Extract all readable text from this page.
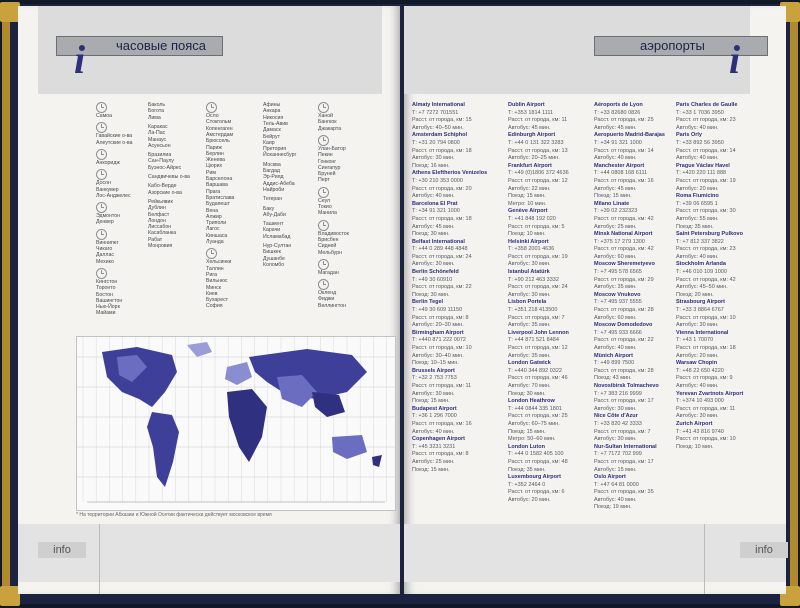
часовые пояса
i
Самоа
Гавайские о-ва
Алеутские о-ва
Анкоридж
Досон
Ванкувер
Лос-Анджелес
Эдмонтон
Денвер
Виннипег
Чикаго
Даллас
Мехико
Кингстон
Торонто
Бостон
Вашингтон
Нью-Йорк
Майами
Баколь
Богота
Лима
Каракас
Ла-Пас
Манаус
Асунсьон
Бразилиа
Сан-Паулу
Буэнос-Айрес
Сандвичевы о-ва
Кабо-Верде
Азорские о-ва
Рейкьявик
Дублин
Белфаст
Лондон
Лиссабон
Касабланка
Рабат
Монровия
Осло
Стокгольм
Копенгаген
Амстердам
Брюссель
Париж
Берлин
Женева
Цюрих
Рим
Барселона
Варшава
Прага
Братислава
Будапешт
Вена
Алжир
Триполи
Лагос
Киншаса
Луанда
Хельсинки
Таллин
Рига
Вильнюс
Минск
Киев
Бухарест
София
Афины
Анкара
Никосия
Тель-Авив
Дамаск
Бейрут
Каир
Претория
Йоханнесбург
Москва
Багдад
Эр-Рияд
Аддис-Абеба
Найроби
Тегеран
Баку
Абу-Даби
Ташкент
Карачи
Исламабад
Нур-Султан
Бишкек
Душанбе
Коломбо
Ханой
Бангкок
Джакарта
Улан-Батор
Пекин
Гонконг
Сингапур
Бруней
Перт
Сеул
Токио
Манила
Владивосток
Брисбен
Сидней
Мельбурн
Магадан
Окленд
Фиджи
Веллингтон
* На территории Абхазии и Южной Осетии фактически действует московское время
info
аэропорты i
Almaty International
Т: +7 7272 701551
Расст. от города, км: 15
Автобус: 40–50 мин.
Amsterdam Schiphol
Т: +31 20 794 0800
Расст. от города, км: 18
Автобус: 30 мин.
Поезд: 16 мин.
Athens Eleftherios Venizelos
Т: +30 210 353 0000
Расст. от города, км: 20
Автобус: 40 мин.
Barcelona El Prat
Т: +34 91 321 1000
Расст. от города, км: 18
Автобус: 45 мин.
Поезд: 30 мин.
Belfast International
Т: +44 0 289 448 4848
Расст. от города, км: 24
Автобус: 30 мин.
Berlin Schönefeld
Т: +49 30 60910
Расст. от города, км: 22
Поезд: 30 мин.
Berlin Tegel
Т: +49 30 609 11150
Расст. от города, км: 8
Автобус: 20–30 мин.
Birmingham Airport
Т: +440 871 222 0072
Расст. от города, км: 10
Автобус: 30–40 мин.
Поезд: 10–15 мин.
Brussels Airport
Т: +32 2 753 7753
Расст. от города, км: 11
Автобус: 30 мин.
Поезд: 15 мин.
Budapest Airport
Т: +36 1 296 7000
Расст. от города, км: 16
Автобус: 40 мин.
Copenhagen Airport
Т: +45 3231 3231
Расст. от города, км: 8
Автобус: 25 мин.
Поезд: 15 мин.
Dublin Airport
Т: +353 1814 1111
Расст. от города, км: 11
Автобус: 45 мин.
Edinburgh Airport
Т: +44 0 131 322 3283
Расст. от города, км: 13
Автобус: 20–25 мин.
Frankfurt Airport
Т: +49 (0)1806 372 4636
Расст. от города, км: 12
Автобус: 22 мин.
Поезд: 15 мин.
Метро: 10 мин.
Genève Airport
Т: +41 848 192 020
Расст. от города, км: 5
Поезд: 10 мин.
Helsinki Airport
Т: +358 2001 4636
Расст. от города, км: 19
Автобус: 30 мин.
Istanbul Atatürk
Т: +90 212 463 3332
Расст. от города, км: 24
Автобус: 30 мин.
Lisbon Portela
Т: +351 218 413500
Расст. от города, км: 7
Автобус: 35 мин.
Liverpool John Lennon
Т: +44 871 521 8484
Расст. от города, км: 12
Автобус: 35 мин.
London Gatwick
Т: +440 344 892 0322
Расст. от города, км: 46
Автобус: 70 мин.
Поезд: 30 мин.
London Heathrow
Т: +44 0844 335 1801
Расст. от города, км: 25
Автобус: 60–75 мин.
Поезд: 15 мин.
Метро: 50–60 мин.
London Luton
Т: +44 0 1582 405 100
Расст. от города, км: 48
Поезд: 35 мин.
Luxembourg Airport
Т: +352 2464 0
Расст. от города, км: 6
Автобус: 20 мин.
Aéroports de Lyon
Т: +33 82680 0826
Расст. от города, км: 25
Автобус: 45 мин.
Aeropuerto Madrid-Barajas
Т: +34 91 321 1000
Расст. от города, км: 14
Автобус: 40 мин.
Manchester Airport
Т: +44 0808 168 6111
Расст. от города, км: 16
Автобус: 45 мин.
Поезд: 15 мин.
Milano Linate
Т: +39 02 232323
Расст. от города, км: 42
Автобус: 25 мин.
Minsk National Airport
Т: +375 17 279 1300
Расст. от города, км: 42
Автобус: 60 мин.
Moscow Sheremetyevo
Т: +7 495 578 6565
Расст. от города, км: 29
Автобус: 35 мин.
Moscow Vnukovo
Т: +7 495 937 5555
Расст. от города, км: 28
Автобус: 60 мин.
Moscow Domodedovo
Т: +7 495 933 6666
Расст. от города, км: 22
Автобус: 40 мин.
Münich Airport
Т: +49 899 7500
Расст. от города, км: 28
Поезд: 43 мин.
Novosibirsk Tolmachevo
Т: +7 383 216 9999
Расст. от города, км: 17
Автобус: 30 мин.
Nice Côte d'Azur
Т: +33 820 42 3333
Расст. от города, км: 7
Автобус: 30 мин.
Nur-Sultan International
Т: +7 7172 702 999
Расст. от города, км: 17
Автобус: 15 мин.
Oslo Airport
Т: +47 64 81 0000
Расст. от города, км: 35
Автобус: 40 мин.
Поезд: 19 мин.
Paris Charles de Gaulle
Т: +33 1 7036 3950
Расст. от города, км: 23
Автобус: 40 мин.
Paris Orly
Т: +33 892 56 3950
Расст. от города, км: 14
Автобус: 40 мин.
Prague Václav Havel
Т: +420 220 111 888
Расст. от города, км: 19
Автобус: 20 мин.
Roma Fiumicino
Т: +39 06 6595 1
Расст. от города, км: 30
Автобус: 55 мин.
Поезд: 35 мин.
Saint Petersburg Pulkovo
Т: +7 812 337 3822
Расст. от города, км: 23
Автобус: 40 мин.
Stockholm Arlanda
Т: +46 010 109 1000
Расст. от города, км: 42
Автобус: 45–50 мин.
Поезд: 20 мин.
Strasbourg Airport
Т: +33 3 8864 6767
Расст. от города, км: 10
Автобус: 30 мин.
Vienna International
Т: +43 1 70070
Расст. от города, км: 18
Автобус: 20 мин.
Warsaw Chopin
Т: +48 22 650 4220
Расст. от города, км: 9
Автобус: 40 мин.
Yerevan Zvartnots Airport
Т: +374 10 493 000
Расст. от города, км: 11
Автобус: 30 мин.
Zurich Airport
Т: +41 43 816 9740
Расст. от города, км: 10
Поезд: 10 мин.
info
